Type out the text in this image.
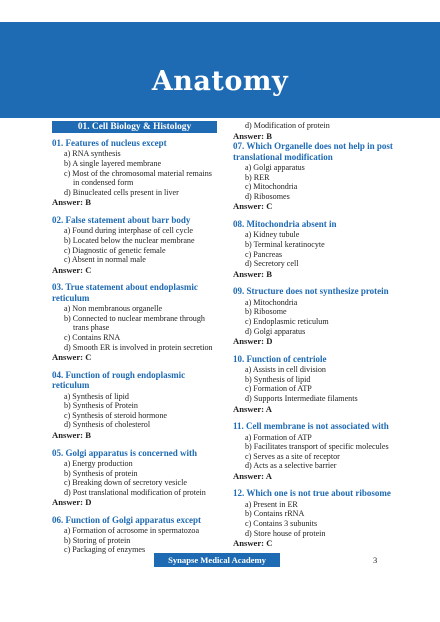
Anatomy
01. Cell Biology & Histology

01. Features of nucleus except

a) RNA synthesis
b) A single layered membrane
c) Most of the chromosomal material remains in condensed form
d) Binucleated cells present in liver
Answer: B

02. False statement about barr body

a) Found during interphase of cell cycle
b) Located below the nuclear membrane
c) Diagnostic of genetic female
c) Absent in normal male
Answer: C

03. True statement about endoplasmic reticulum

a) Non membranous organelle
b) Connected to nuclear membrane through trans phase
c) Contains RNA
d) Smooth ER is involved in protein secretion
Answer: C

04. Function of rough endoplasmic reticulum

a) Synthesis of lipid
b) Synthesis of Protein
c) Synthesis of steroid hormone
d) Synthesis of cholesterol
Answer: B

05. Golgi apparatus is concerned with

a) Energy production
b) Synthesis of protein
c) Breaking down of secretory vesicle
d) Post translational modification of protein
Answer: D

06. Function of Golgi apparatus except

a) Formation of acrosome in spermatozoa
b) Storing of protein
c) Packaging of enzymes
d) Modification of protein
Answer: B

07. Which Organelle does not help in post translational modification

a) Golgi apparatus
b) RER
c) Mitochondria
d) Ribosomes
Answer: C

08. Mitochondria absent in

a) Kidney tubule
b) Terminal keratinocyte
c) Pancreas
d) Secretory cell
Answer: B

09. Structure does not synthesize protein

a) Mitochondria
b) Ribosome
c) Endoplasmic reticulum
d) Golgi apparatus
Answer: D

10. Function of centriole

a) Assists in cell division
b) Synthesis of lipid
c) Formation of ATP
d) Supports Intermediate filaments
Answer: A

11. Cell membrane is not associated with

a) Formation of ATP
b) Facilitates transport of specific molecules
c) Serves as a site of receptor
d) Acts as a selective barrier
Answer: A

12. Which one is not true about ribosome

a) Present in ER
b) Contains rRNA
c) Contains 3 subunits
d) Store house of protein
Answer: C
Synapse Medical Academy	3
